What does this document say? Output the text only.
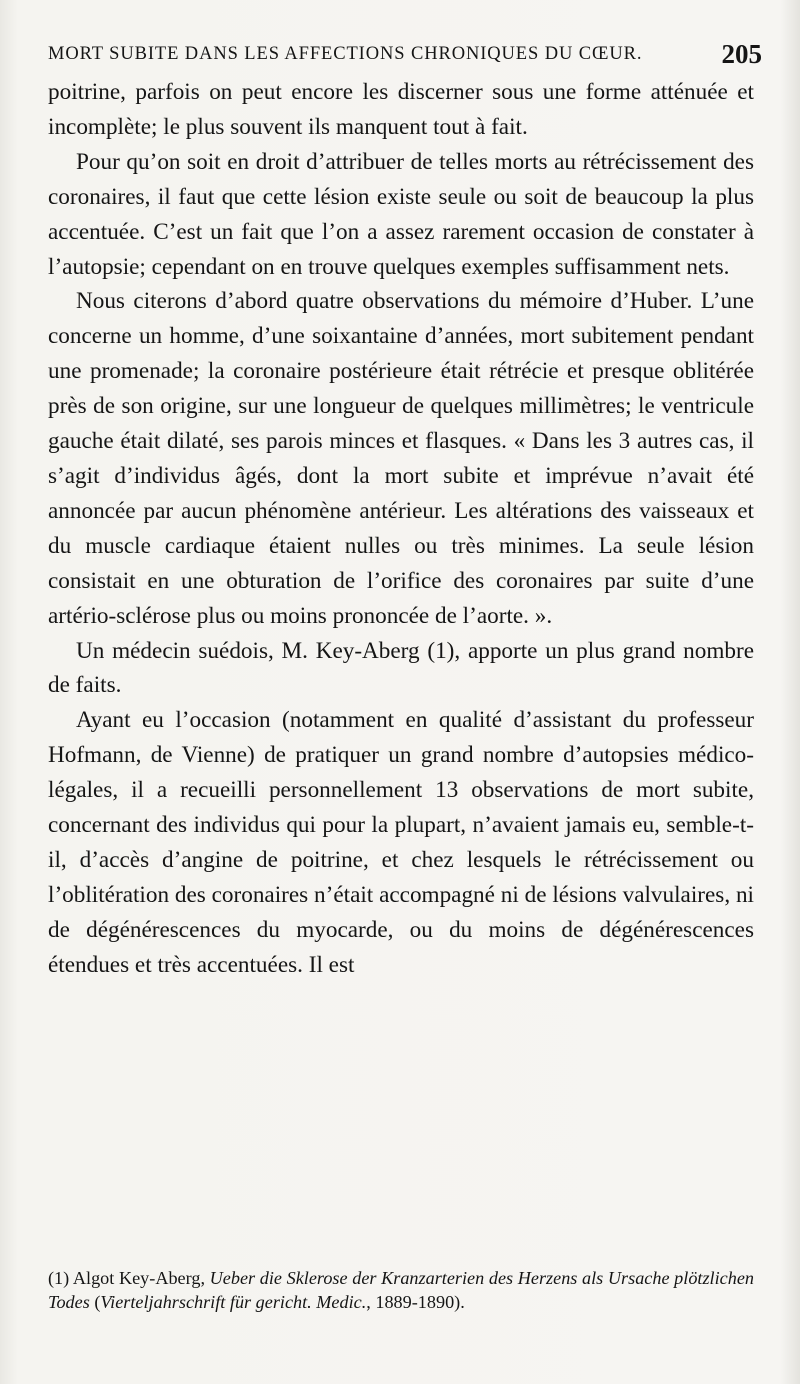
MORT SUBITE DANS LES AFFECTIONS CHRONIQUES DU CŒUR.	205

poitrine, parfois on peut encore les discerner sous une forme atténuée et incomplète; le plus souvent ils manquent tout à fait.

Pour qu’on soit en droit d’attribuer de telles morts au rétrécissement des coronaires, il faut que cette lésion existe seule ou soit de beaucoup la plus accentuée. C’est un fait que l’on a assez rarement occasion de constater à l’autopsie; cependant on en trouve quelques exemples suffisamment nets.

Nous citerons d’abord quatre observations du mémoire d’Huber. L’une concerne un homme, d’une soixantaine d’années, mort subitement pendant une promenade; la coronaire postérieure était rétrécie et presque oblitérée près de son origine, sur une longueur de quelques millimètres; le ventricule gauche était dilaté, ses parois minces et flasques. « Dans les 3 autres cas, il s’agit d’individus âgés, dont la mort subite et imprévue n’avait été annoncée par aucun phénomène antérieur. Les altérations des vaisseaux et du muscle cardiaque étaient nulles ou très minimes. La seule lésion consistait en une obturation de l’orifice des coronaires par suite d’une artério-sclérose plus ou moins prononcée de l’aorte. ».

Un médecin suédois, M. Key-Aberg (1), apporte un plus grand nombre de faits.

Ayant eu l’occasion (notamment en qualité d’assistant du professeur Hofmann, de Vienne) de pratiquer un grand nombre d’autopsies médico-légales, il a recueilli personnellement 13 observations de mort subite, concernant des individus qui pour la plupart, n’avaient jamais eu, semble-t-il, d’accès d’angine de poitrine, et chez lesquels le rétrécissement ou l’oblitération des coronaires n’était accompagné ni de lésions valvulaires, ni de dégénérescences du myocarde, ou du moins de dégénérescences étendues et très accentuées. Il est

(1) Algot Key-Aberg, Ueber die Sklerose der Kranzarterien des Herzens als Ursache plötzlichen Todes (Vierteljahrschrift für gericht. Medic., 1889-1890).
